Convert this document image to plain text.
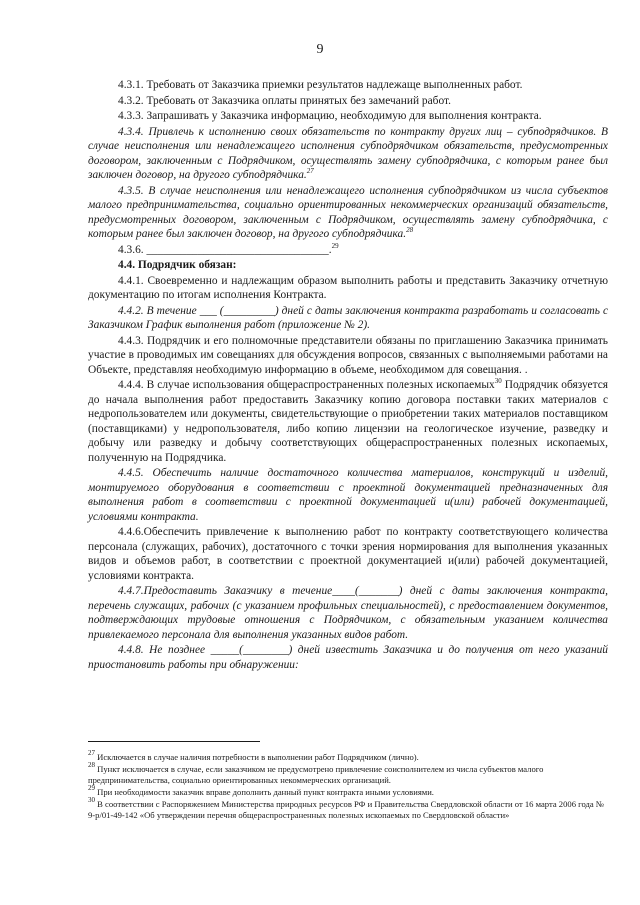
9

4.3.1. Требовать от Заказчика приемки результатов надлежаще выполненных работ.

4.3.2. Требовать от Заказчика оплаты принятых без замечаний работ.

4.3.3. Запрашивать у Заказчика информацию, необходимую для выполнения контракта.

4.3.4. Привлечь к исполнению своих обязательств по контракту других лиц – субподрядчиков. В случае неисполнения или ненадлежащего исполнения субподрядчиком обязательств, предусмотренных договором, заключенным с Подрядчиком, осуществлять замену субподрядчика, с которым ранее был заключен договор, на другого субподрядчика.$^{27}$

4.3.5. В случае неисполнения или ненадлежащего исполнения субподрядчиком из числа субъектов малого предпринимательства, социально ориентированных некоммерческих организаций обязательств, предусмотренных договором, заключенным с Подрядчиком, осуществлять замену субподрядчика, с которым ранее был заключен договор, на другого субподрядчика.$^{28}$

4.3.6. ________________________________.$^{29}$

4.4. Подрядчик обязан:

4.4.1. Своевременно и надлежащим образом выполнить работы и представить Заказчику отчетную документацию по итогам исполнения Контракта.

4.4.2. В течение ___ (_________) дней с даты заключения контракта разработать и согласовать с Заказчиком График выполнения работ (приложение № 2).

4.4.3. Подрядчик и его полномочные представители обязаны по приглашению Заказчика принимать участие в проводимых им совещаниях для обсуждения вопросов, связанных с выполняемыми работами на Объекте, представляя необходимую информацию в объеме, необходимом для совещания. .

4.4.4. В случае использования общераспространенных полезных ископаемых$^{30}$ Подрядчик обязуется до начала выполнения работ предоставить Заказчику копию договора поставки таких материалов с недропользователем или документы, свидетельствующие о приобретении таких материалов поставщиком (поставщиками) у недропользователя, либо копию лицензии на геологическое изучение, разведку и добычу или разведку и добычу соответствующих общераспространенных полезных ископаемых, полученную на Подрядчика.

4.4.5. Обеспечить наличие достаточного количества материалов, конструкций и изделий, монтируемого оборудования в соответствии с проектной документацией предназначенных для выполнения работ в соответствии с проектной документацией и(или) рабочей документацией, условиями контракта.

4.4.6.Обеспечить привлечение к выполнению работ по контракту соответствующего количества персонала (служащих, рабочих), достаточного с точки зрения нормирования для выполнения указанных видов и объемов работ, в соответствии с проектной документацией и(или) рабочей документацией, условиями контракта.

4.4.7.Предоставить Заказчику в течение____(_______) дней с даты заключения контракта, перечень служащих, рабочих (с указанием профильных специальностей), с предоставлением документов, подтверждающих трудовые отношения с Подрядчиком, с обязательным указанием количества привлекаемого персонала для выполнения указанных видов работ.

4.4.8. Не позднее _____(________) дней известить Заказчика и до получения от него указаний приостановить работы при обнаружении:

$^{27}$ Исключается в случае наличия потребности в выполнении работ Подрядчиком (лично).

$^{28}$ Пункт исключается в случае, если заказчиком не предусмотрено привлечение соисполнителем из числа субъектов малого предпринимательства, социально ориентированных некоммерческих организаций.

$^{29}$ При необходимости заказчик вправе дополнить данный пункт контракта иными условиями.

$^{30}$ В соответствии с Распоряжением Министерства природных ресурсов РФ и Правительства Свердловской области от 16 марта 2006 года № 9-р/01-49-142 «Об утверждении перечня общераспространенных полезных ископаемых по Свердловской области»
